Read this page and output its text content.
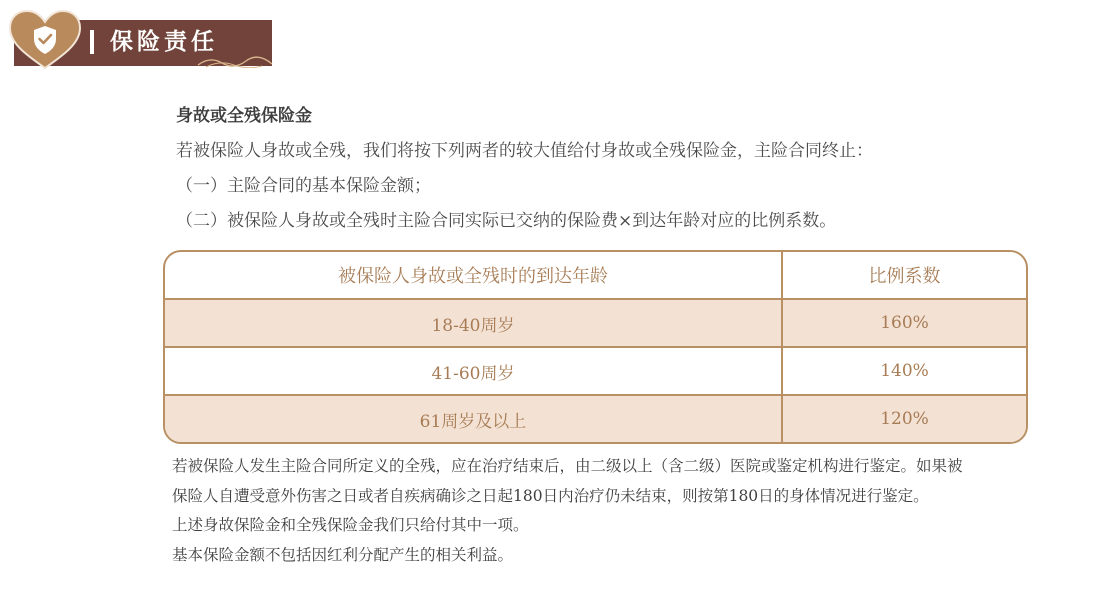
保险责任
身故或全残保险金
若被保险人身故或全残，我们将按下列两者的较大值给付身故或全残保险金，主险合同终止：
（一）主险合同的基本保险金额；
（二）被保险人身故或全残时主险合同实际已交纳的保险费×到达年龄对应的比例系数。
被保险人身故或全残时的到达年龄	比例系数
18-40周岁	160%
41-60周岁	140%
61周岁及以上	120%
若被保险人发生主险合同所定义的全残，应在治疗结束后，由二级以上（含二级）医院或鉴定机构进行鉴定。如果被
保险人自遭受意外伤害之日或者自疾病确诊之日起180日内治疗仍未结束，则按第180日的身体情况进行鉴定。
上述身故保险金和全残保险金我们只给付其中一项。
基本保险金额不包括因红利分配产生的相关利益。
